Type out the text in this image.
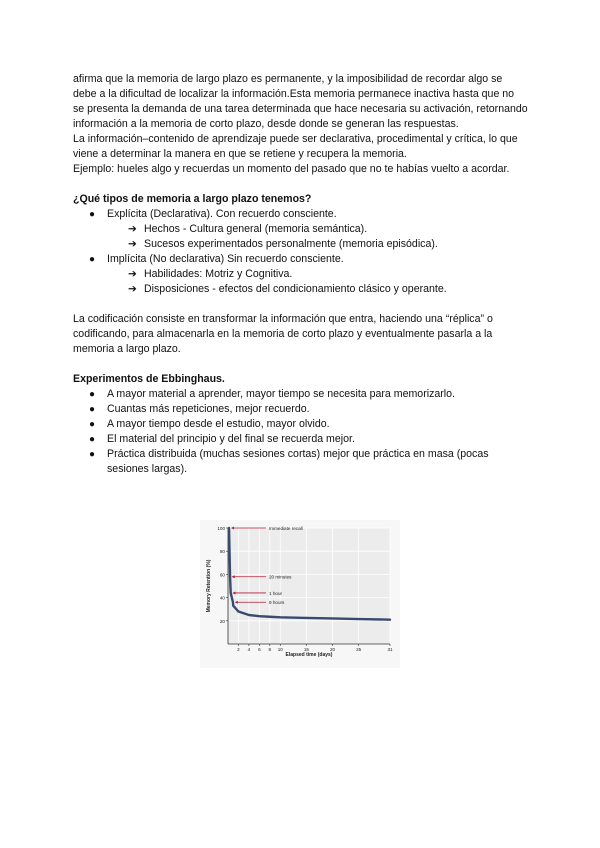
afirma que la memoria de largo plazo es permanente, y la imposibilidad de recordar algo se debe a la dificultad de localizar la información.Esta memoria permanece inactiva hasta que no se presenta la demanda de una tarea determinada que hace necesaria su activación, retornando información a la memoria de corto plazo, desde donde se generan las respuestas.

La información–contenido de aprendizaje puede ser declarativa, procedimental y crítica, lo que viene a determinar la manera en que se retiene y recupera la memoria.

Ejemplo: hueles algo y recuerdas un momento del pasado que no te habías vuelto a acordar.

¿Qué tipos de memoria a largo plazo tenemos?

● Explícita (Declarativa). Con recuerdo consciente.
➔ Hechos - Cultura general (memoria semántica).
➔ Sucesos experimentados personalmente (memoria episódica).
● Implícita (No declarativa) Sin recuerdo consciente.
➔ Habilidades: Motriz y Cognitiva.
➔ Disposiciones - efectos del condicionamiento clásico y operante.

La codificación consiste en transformar la información que entra, haciendo una “réplica” o codificando, para almacenarla en la memoria de corto plazo y eventualmente pasarla a la memoria a largo plazo.

Experimentos de Ebbinghaus.

● A mayor material a aprender, mayor tiempo se necesita para memorizarlo.
● Cuantas más repeticiones, mejor recuerdo.
● A mayor tiempo desde el estudio, mayor olvido.
● El material del principio y del final se recuerda mejor.
● Práctica distribuida (muchas sesiones cortas) mejor que práctica en masa (pocas sesiones largas).
20
40
60
80
100
2 4 6 8 10	15	20	25	31
Elapsed time (days)
Memory Retention (%)
Immediate recall
20 minutes
1 hour
9 hours
